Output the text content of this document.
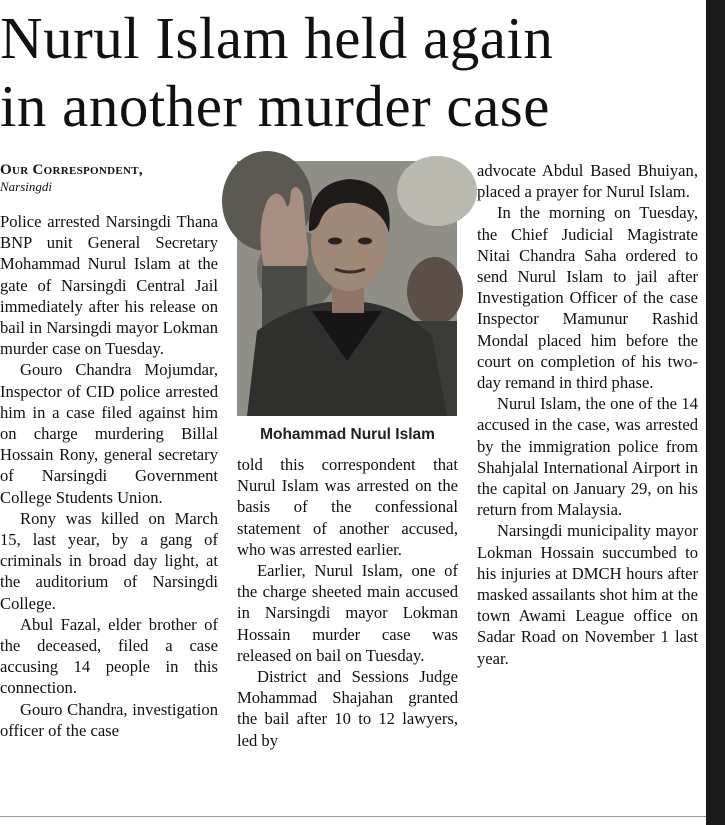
Nurul Islam held again
in another murder case
Our Correspondent,
Narsingdi

Police arrested Narsingdi Thana BNP unit General Secretary Mohammad Nurul Islam at the gate of Narsingdi Central Jail immediately after his release on bail in Narsingdi mayor Lokman murder case on Tuesday.

Gouro Chandra Mojumdar, Inspector of CID police arrested him in a case filed against him on charge murdering Billal Hossain Rony, general secretary of Narsingdi Government College Students Union.

Rony was killed on March 15, last year, by a gang of criminals in broad day light, at the auditorium of Narsingdi College.

Abul Fazal, elder brother of the deceased, filed a case accusing 14 people in this connection.

Gouro Chandra, investigation officer of the case

Mohammad Nurul Islam

told this correspondent that Nurul Islam was arrested on the basis of the confessional statement of another accused, who was arrested earlier.

Earlier, Nurul Islam, one of the charge sheeted main accused in Narsingdi mayor Lokman Hossain murder case was released on bail on Tuesday.

District and Sessions Judge Mohammad Shajahan granted the bail after 10 to 12 lawyers, led by

advocate Abdul Based Bhuiyan, placed a prayer for Nurul Islam.

In the morning on Tuesday, the Chief Judicial Magistrate Nitai Chandra Saha ordered to send Nurul Islam to jail after Investigation Officer of the case Inspector Mamunur Rashid Mondal placed him before the court on completion of his two-day remand in third phase.

Nurul Islam, the one of the 14 accused in the case, was arrested by the immigration police from Shahjalal International Airport in the capital on January 29, on his return from Malaysia.

Narsingdi municipality mayor Lokman Hossain succumbed to his injuries at DMCH hours after masked assailants shot him at the town Awami League office on Sadar Road on November 1 last year.
